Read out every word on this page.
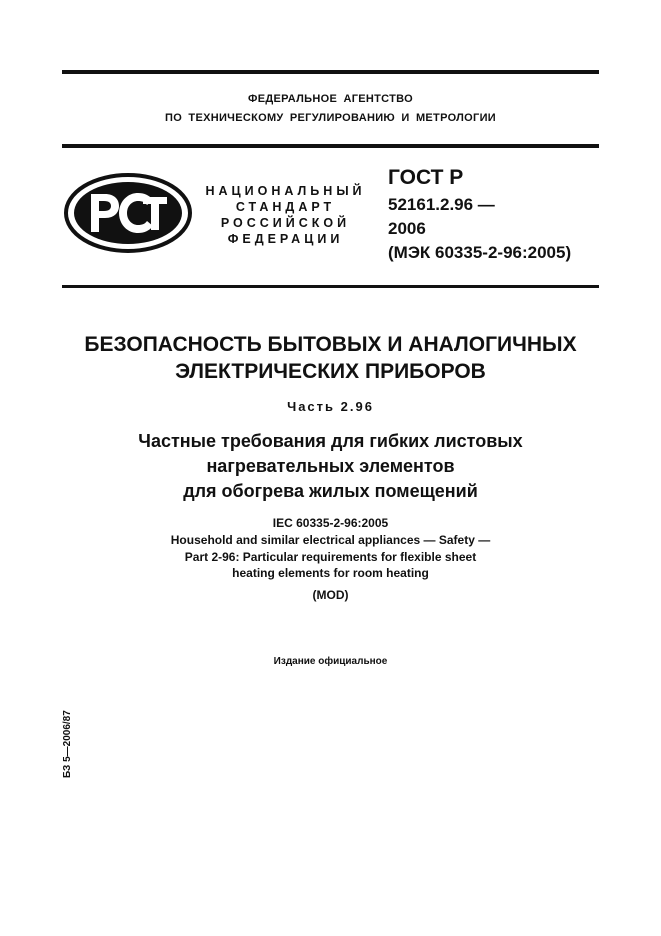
ФЕДЕРАЛЬНОЕ АГЕНТСТВО
ПО ТЕХНИЧЕСКОМУ РЕГУЛИРОВАНИЮ И МЕТРОЛОГИИ
НАЦИОНАЛЬНЫЙ
СТАНДАРТ
РОССИЙСКОЙ
ФЕДЕРАЦИИ
ГОСТ Р
52161.2.96 —
2006
(МЭК 60335-2-96:2005)
БЕЗОПАСНОСТЬ БЫТОВЫХ И АНАЛОГИЧНЫХ
ЭЛЕКТРИЧЕСКИХ ПРИБОРОВ
Часть 2.96
Частные требования для гибких листовых
нагревательных элементов
для обогрева жилых помещений
IEC 60335-2-96:2005
Household and similar electrical appliances — Safety —
Part 2-96: Particular requirements for flexible sheet
heating elements for room heating
(MOD)
Издание официальное
БЗ 5—2006/87
